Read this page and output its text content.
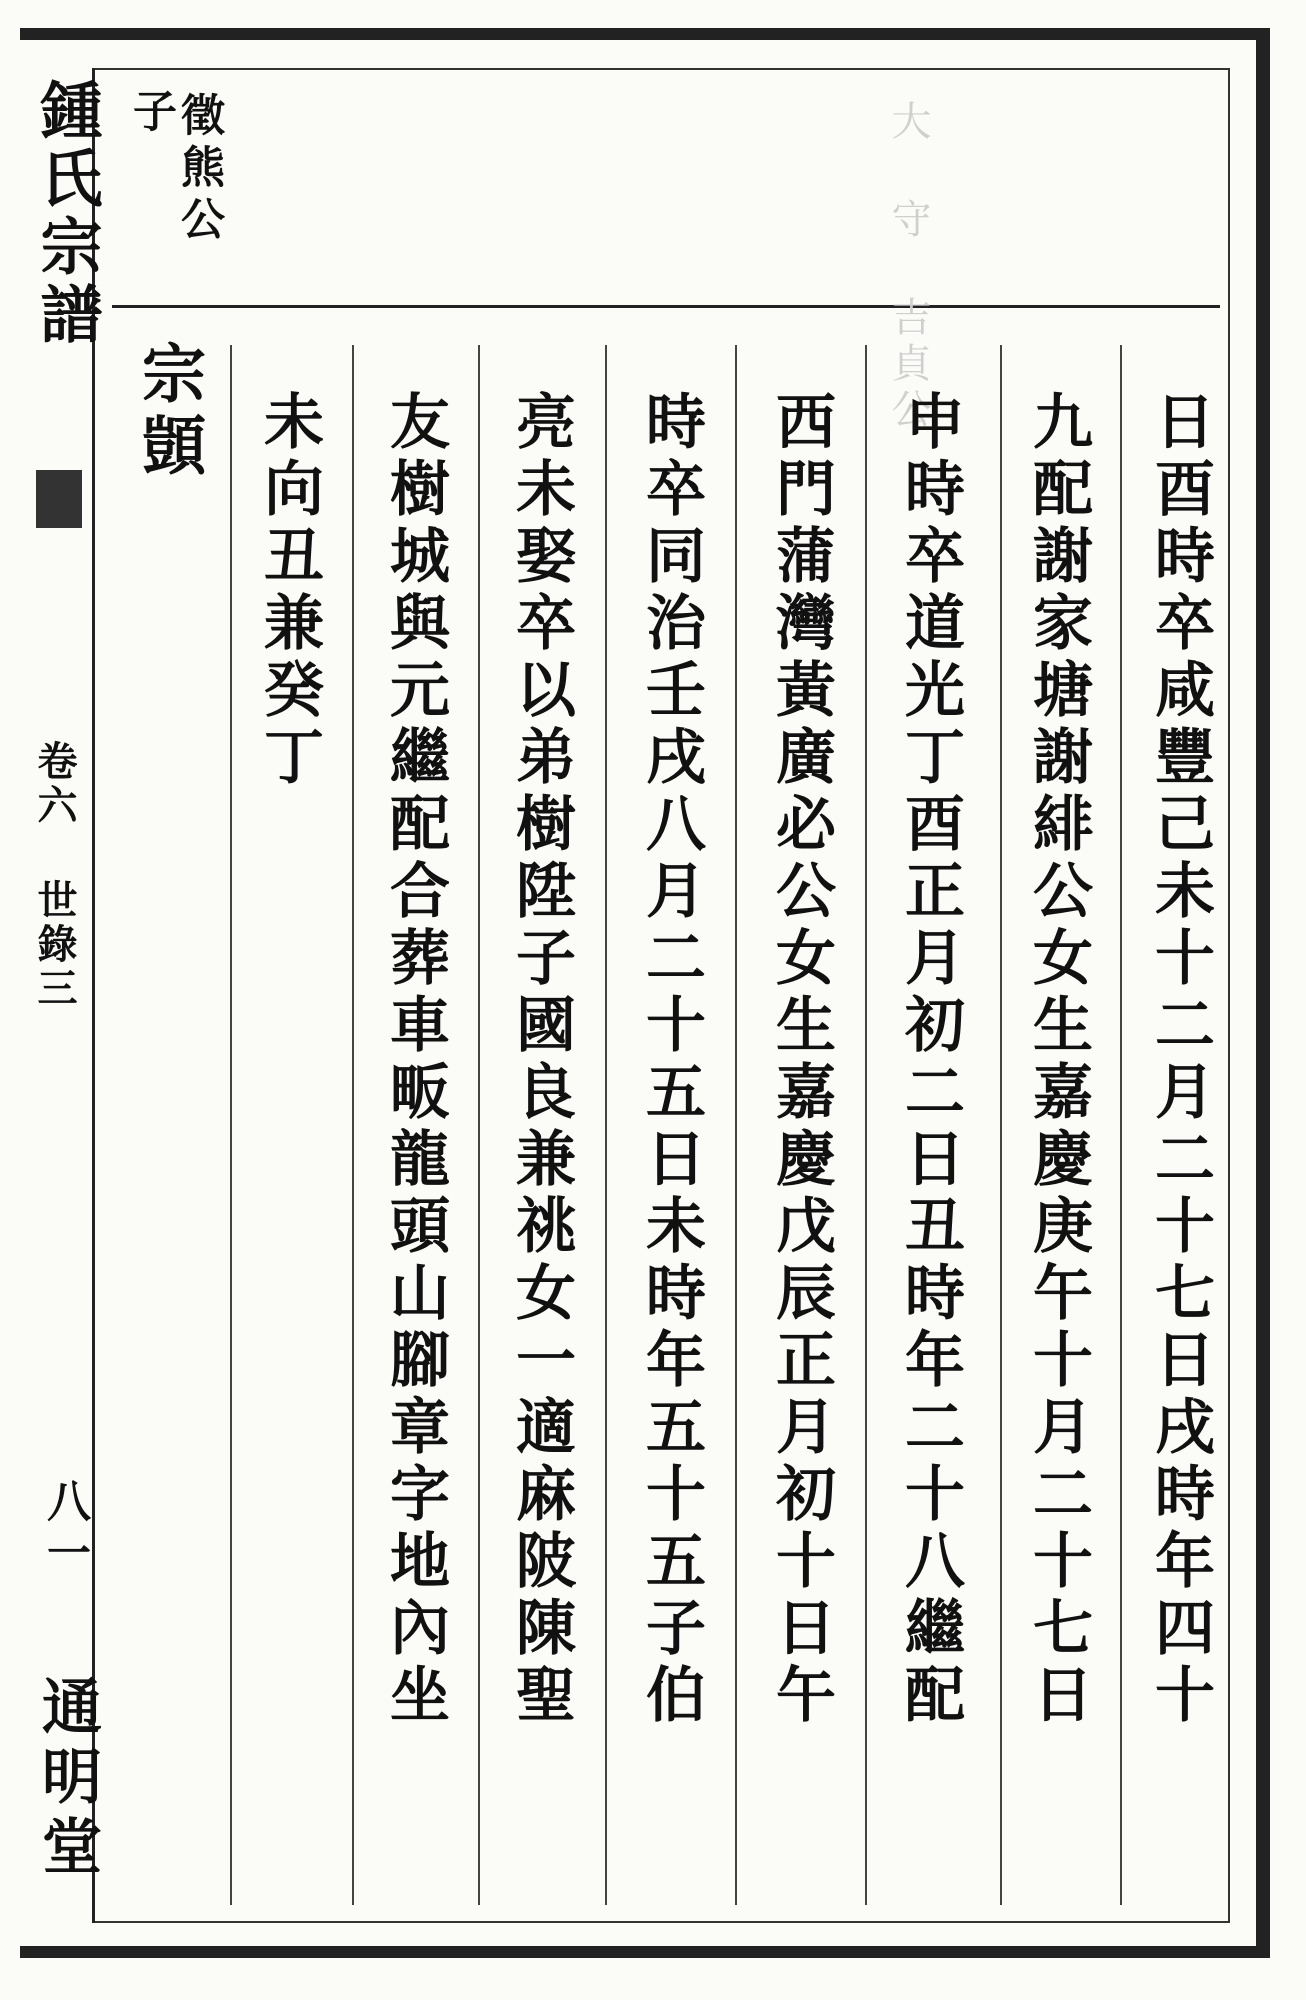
鍾氏宗譜
卷六 世錄三
八一
通明堂
徵熊公
子	大 守 吉貞公
宗顗	日酉時卒咸豐己未十二月二十七日戌時年四十
九配謝家塘謝緋公女生嘉慶庚午十月二十七日
申時卒道光丁酉正月初二日丑時年二十八繼配
西門蒲灣黃廣必公女生嘉慶戊辰正月初十日午
時卒同治壬戌八月二十五日未時年五十五子伯
亮未娶卒以弟樹陞子國良兼祧女一適麻陂陳聖
友樹城與元繼配合葬車畈龍頭山腳章字地內坐
未向丑兼癸丁
